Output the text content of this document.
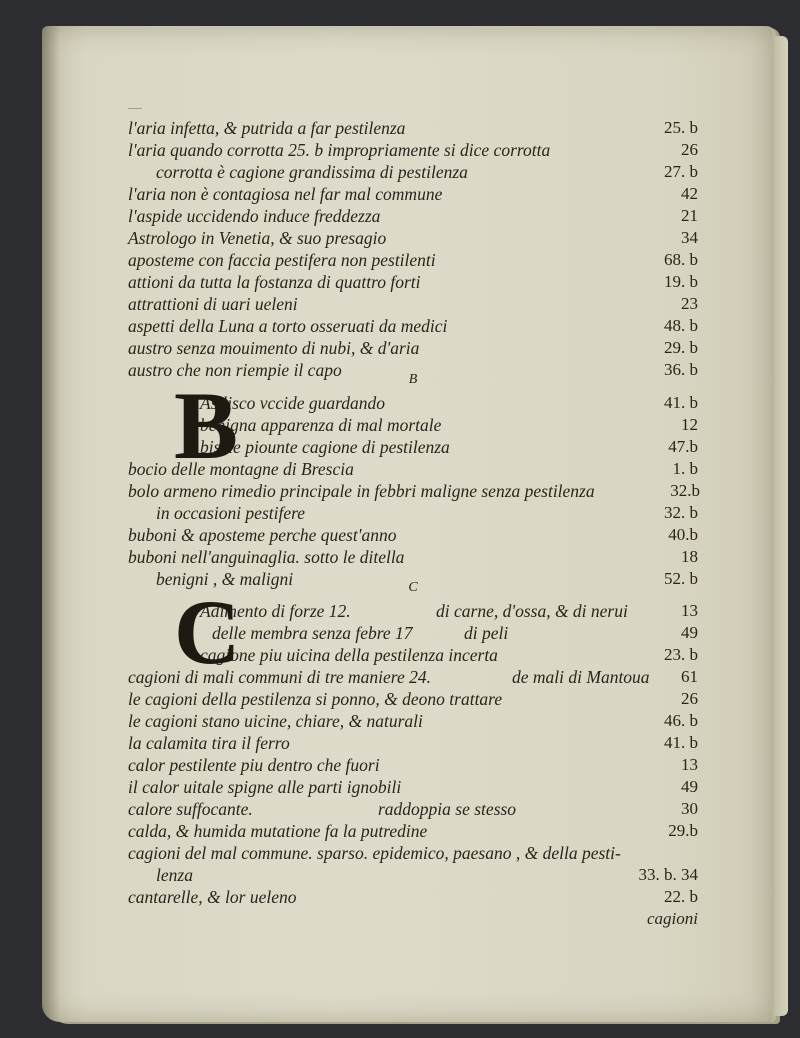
l'aria infetta, & putrida a far pestilenza	25. b
l'aria quando corrotta 25. b impropriamente si dice corrotta	26
corrotta è cagione grandissima di pestilenza	27. b
l'aria non è contagiosa nel far mal commune	42
l'aspide uccidendo induce freddezza	21
Astrologo in Venetia, & suo presagio	34
aposteme con faccia pestifera non pestilenti	68. b
attioni da tutta la fostanza di quattro forti	19. b
attrattioni di uari ueleni	23
aspetti della Luna a torto osseruati da medici	48. b
austro senza mouimento di nubi, & d'aria	29. b
austro che non riempie il capo	36. b
B
Asilisco vccide guardando	41. b
benigna apparenza di mal mortale	12
biscie piounte cagione di pestilenza	47.b
bocio delle montagne di Brescia	1. b
bolo armeno rimedio principale in febbri maligne senza pestilenza	32.b
in occasioni pestifere	32. b
buboni & aposteme perche quest'anno	40.b
buboni nell'anguinaglia. sotto le ditella	18
benigni , & maligni	52. b
C
Adimento di forze 12.	di carne, d'ossa, & di nerui	13
delle membra senza febre 17	di peli	49
cagione piu uicina della pestilenza incerta	23. b
cagioni di mali communi di tre maniere 24.	de mali di Mantoua 61
le cagioni della pestilenza si ponno, & deono trattare	26
le cagioni stano uicine, chiare, & naturali	46. b
la calamita tira il ferro	41. b
calor pestilente piu dentro che fuori	13
il calor uitale spigne alle parti ignobili	49
calore suffocante.	raddoppia se stesso	30
calda, & humida mutatione fa la putredine	29.b
cagioni del mal commune. sparso. epidemico, paesano , & della pesti-
lenza	33. b. 34
cantarelle, & lor ueleno	22. b
cagioni
B
C
